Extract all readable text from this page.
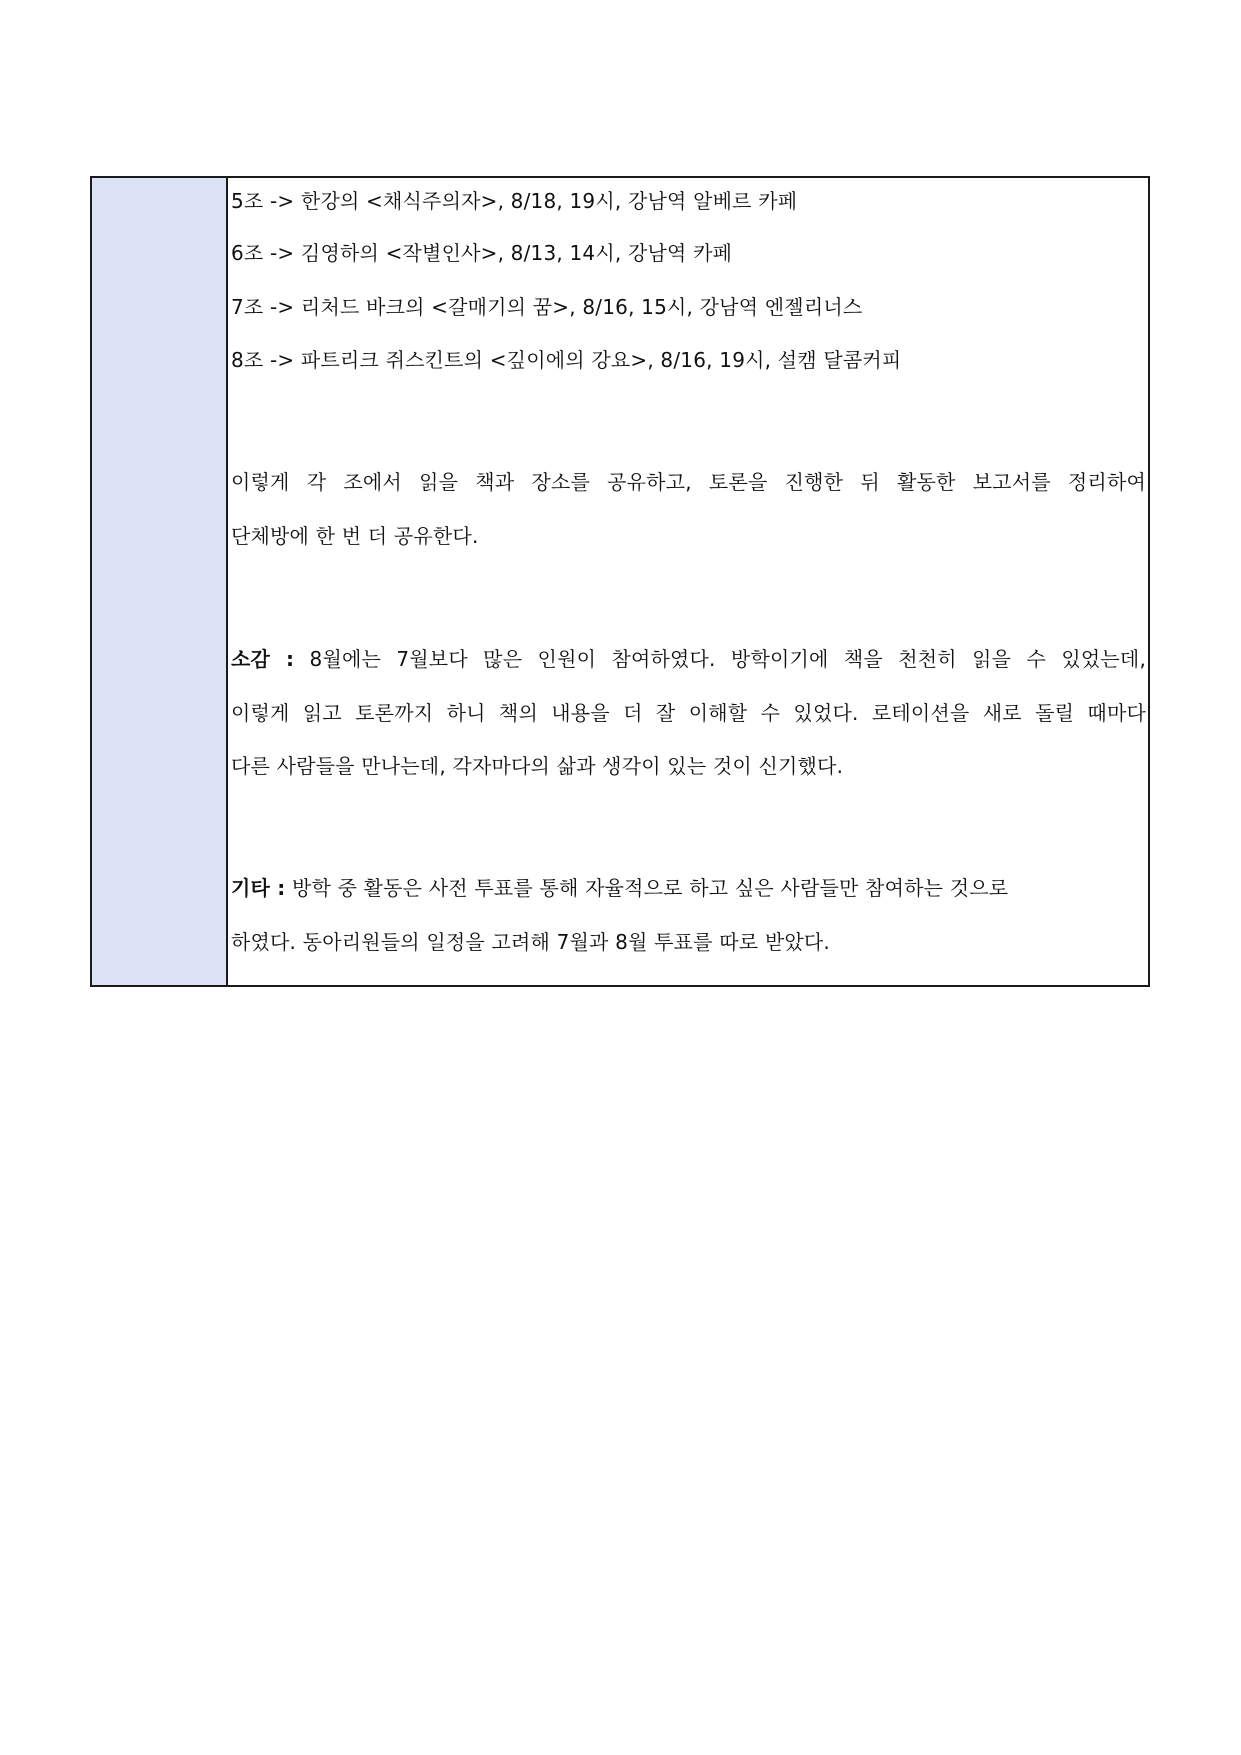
5조 -> 한강의 <채식주의자>, 8/18, 19시, 강남역 알베르 카페
6조 -> 김영하의 <작별인사>, 8/13, 14시, 강남역 카페
7조 -> 리처드 바크의 <갈매기의 꿈>, 8/16, 15시, 강남역 엔젤리너스
8조 -> 파트리크 쥐스킨트의 <깊이에의 강요>, 8/16, 19시, 설캠 달콤커피
이렇게 각 조에서 읽을 책과 장소를 공유하고, 토론을 진행한 뒤 활동한 보고서를 정리하여
단체방에 한 번 더 공유한다.
소감 : 8월에는 7월보다 많은 인원이 참여하였다. 방학이기에 책을 천천히 읽을 수 있었는데,
이렇게 읽고 토론까지 하니 책의 내용을 더 잘 이해할 수 있었다. 로테이션을 새로 돌릴 때마다
다른 사람들을 만나는데, 각자마다의 삶과 생각이 있는 것이 신기했다.
기타 : 방학 중 활동은 사전 투표를 통해 자율적으로 하고 싶은 사람들만 참여하는 것으로
하였다. 동아리원들의 일정을 고려해 7월과 8월 투표를 따로 받았다.
